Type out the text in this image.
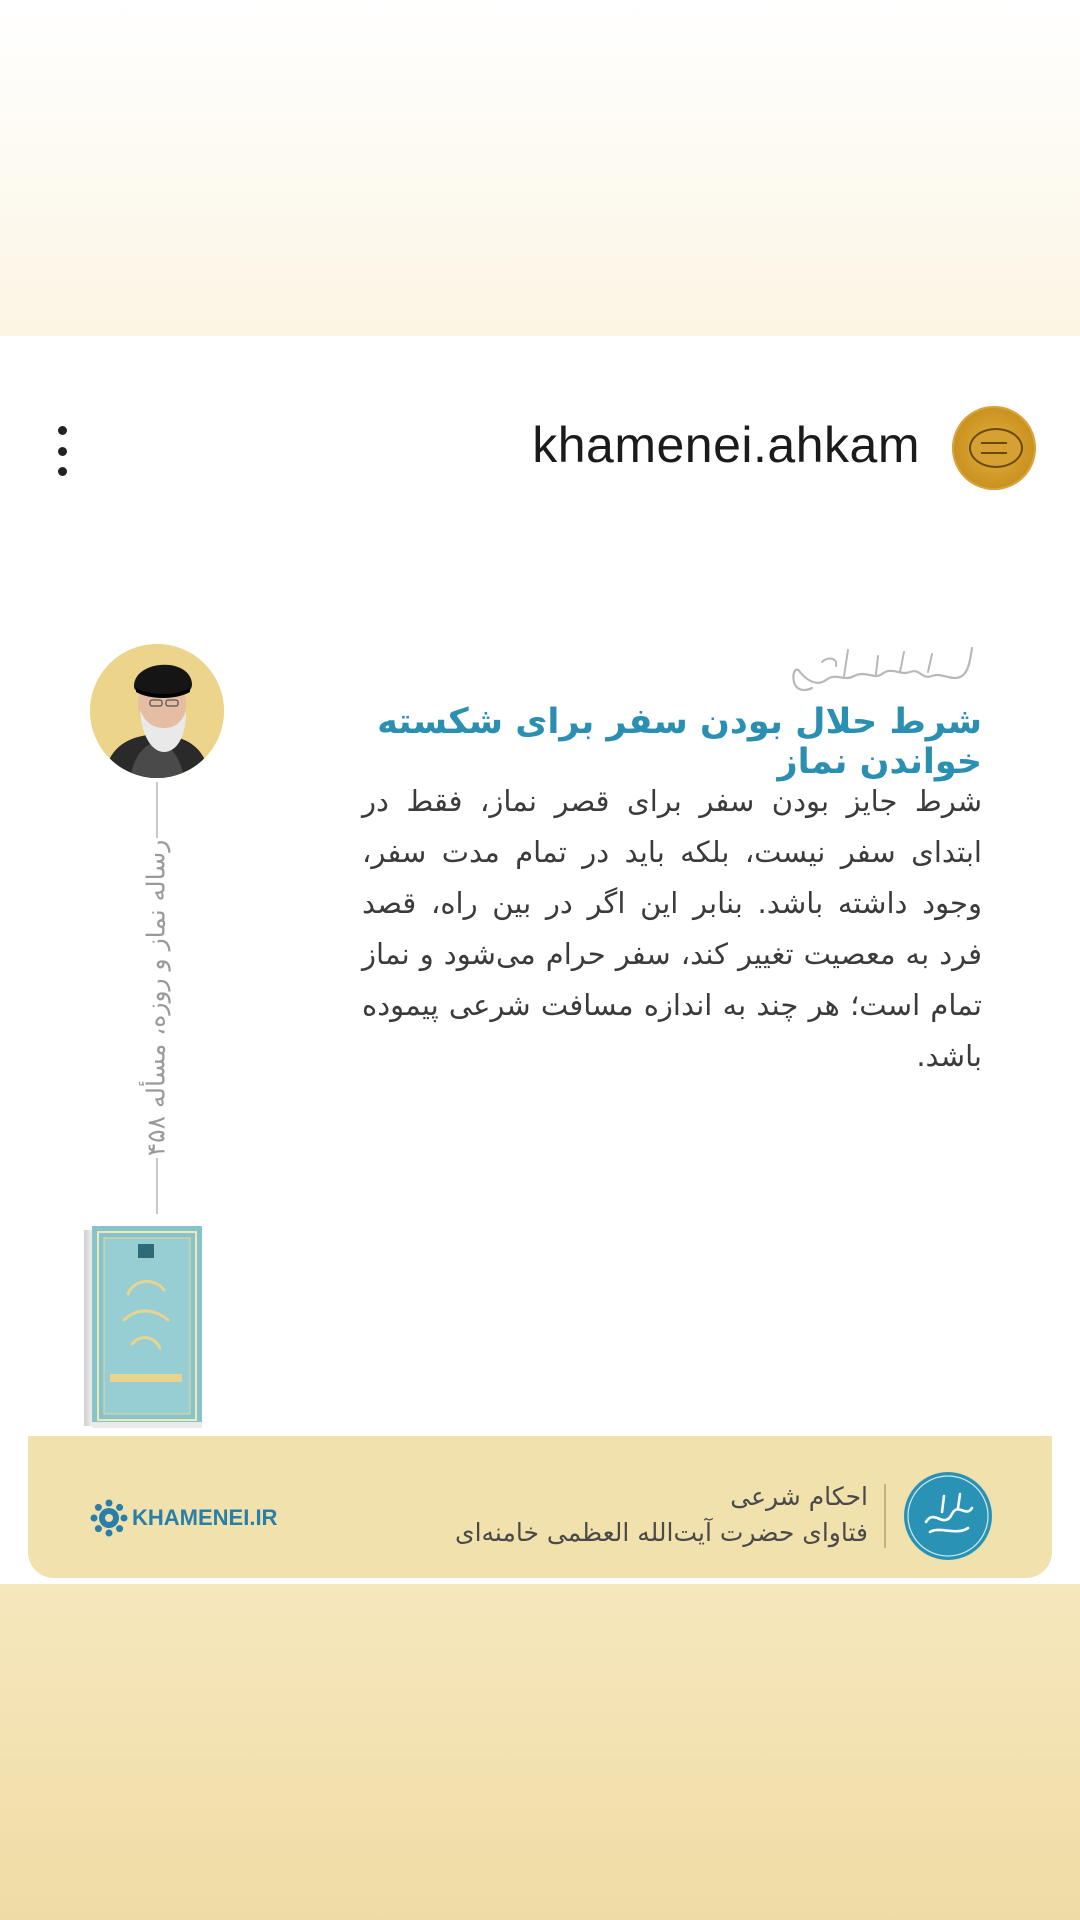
khamenei.ahkam
شرط حلال بودن سفر برای شکسته خواندن نماز
شرط جایز بودن سفر برای قصر نماز، فقط در ابتدای سفر نیست، بلکه باید در تمام مدت سفر، وجود داشته باشد. بنابر این اگر در بین راه، قصد فرد به معصیت تغییر کند، سفر حرام می‌شود و نماز تمام است؛ هر چند به اندازه مسافت شرعی پیموده باشد.
رساله نماز و روزه، مسأله ۴۵۸
احکام شرعی
فتاوای حضرت آیت‌الله العظمی خامنه‌ای
KHAMENEI.IR
